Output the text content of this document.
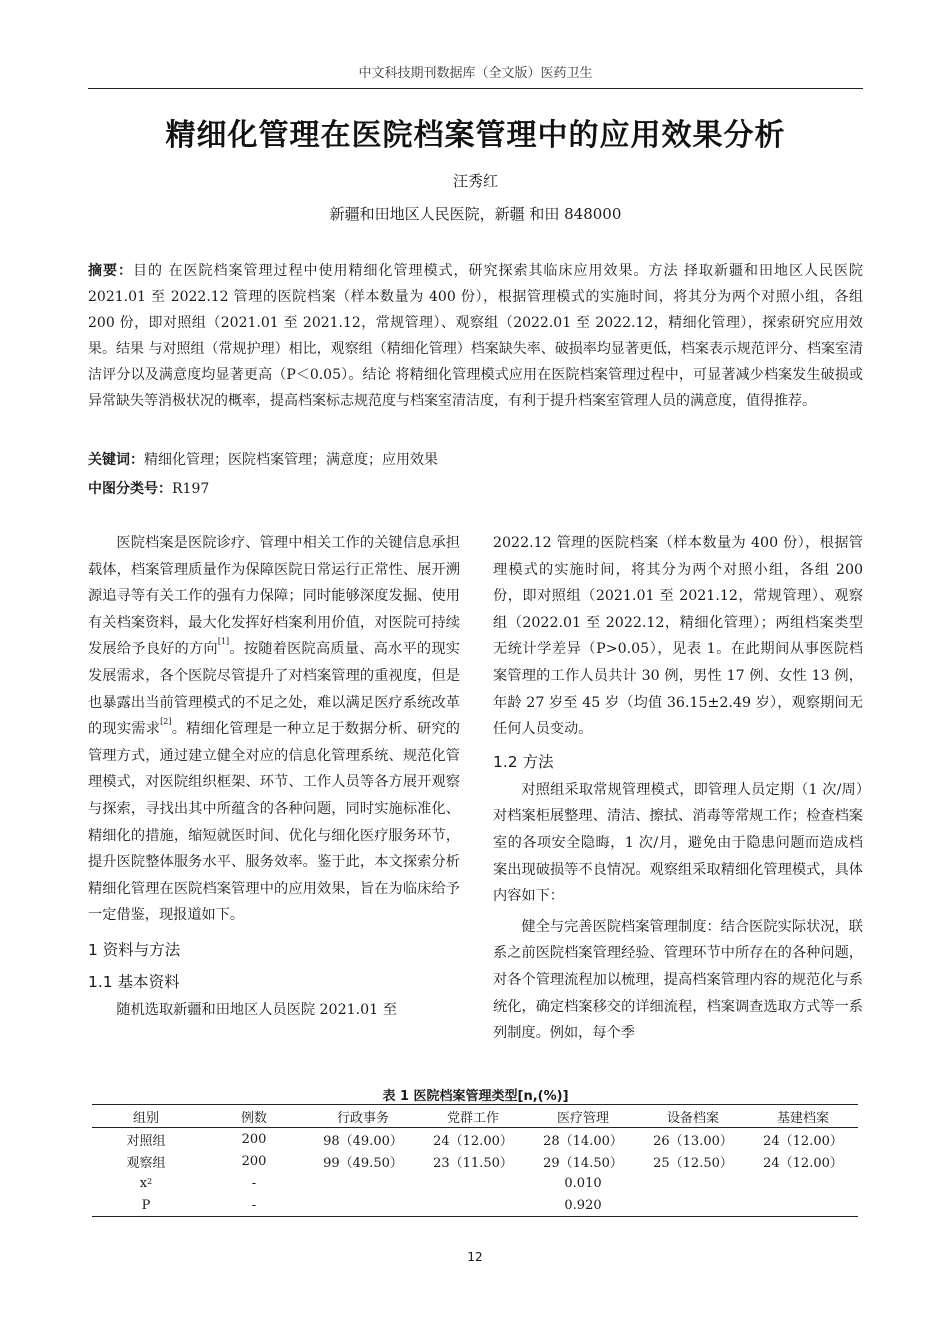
中文科技期刊数据库（全文版）医药卫生
精细化管理在医院档案管理中的应用效果分析
汪秀红
新疆和田地区人民医院，新疆 和田 848000
摘要：目的 在医院档案管理过程中使用精细化管理模式，研究探索其临床应用效果。方法 择取新疆和田地区人民医院 2021.01 至 2022.12 管理的医院档案（样本数量为 400 份），根据管理模式的实施时间，将其分为两个对照小组，各组 200 份，即对照组（2021.01 至 2021.12，常规管理）、观察组（2022.01 至 2022.12，精细化管理），探索研究应用效果。结果 与对照组（常规护理）相比，观察组（精细化管理）档案缺失率、破损率均显著更低，档案表示规范评分、档案室清洁评分以及满意度均显著更高（P＜0.05）。结论 将精细化管理模式应用在医院档案管理过程中，可显著减少档案发生破损或异常缺失等消极状况的概率，提高档案标志规范度与档案室清洁度，有利于提升档案室管理人员的满意度，值得推荐。
关键词：精细化管理；医院档案管理；满意度；应用效果
中图分类号：R197

医院档案是医院诊疗、管理中相关工作的关键信息承担载体，档案管理质量作为保障医院日常运行正常性、展开溯源追寻等有关工作的强有力保障；同时能够深度发掘、使用有关档案资料，最大化发挥好档案利用价值，对医院可持续发展给予良好的方向[1]。按随着医院高质量、高水平的现实发展需求，各个医院尽管提升了对档案管理的重视度，但是也暴露出当前管理模式的不足之处，难以满足医疗系统改革的现实需求[2]。精细化管理是一种立足于数据分析、研究的管理方式，通过建立健全对应的信息化管理系统、规范化管理模式，对医院组织框架、环节、工作人员等各方展开观察与探索，寻找出其中所蕴含的各种问题，同时实施标准化、精细化的措施，缩短就医时间、优化与细化医疗服务环节，提升医院整体服务水平、服务效率。鉴于此，本文探索分析精细化管理在医院档案管理中的应用效果，旨在为临床给予一定借鉴，现报道如下。

1 资料与方法
1.1 基本资料

随机选取新疆和田地区人员医院 2021.01 至

2022.12 管理的医院档案（样本数量为 400 份），根据管理模式的实施时间，将其分为两个对照小组，各组 200 份，即对照组（2021.01 至 2021.12，常规管理）、观察组（2022.01 至 2022.12，精细化管理）；两组档案类型无统计学差异（P>0.05），见表 1。在此期间从事医院档案管理的工作人员共计 30 例，男性 17 例、女性 13 例，年龄 27 岁至 45 岁（均值 36.15±2.49 岁），观察期间无任何人员变动。

1.2 方法

对照组采取常规管理模式，即管理人员定期（1 次/周）对档案柜展整理、清洁、擦拭、消毒等常规工作；检查档案室的各项安全隐晦，1 次/月，避免由于隐患问题而造成档案出现破损等不良情况。观察组采取精细化管理模式，具体内容如下：

健全与完善医院档案管理制度：结合医院实际状况，联系之前医院档案管理经验、管理环节中所存在的各种问题，对各个管理流程加以梳理，提高档案管理内容的规范化与系统化，确定档案移交的详细流程，档案调查选取方式等一系列制度。例如，每个季

表 1 医院档案管理类型[n,(%)]
组别	例数	行政事务	党群工作	医疗管理	设备档案	基建档案
对照组	200	98（49.00）	24（12.00）	28（14.00）	26（13.00）	24（12.00）
观察组	200	99（49.50）	23（11.50）	29（14.50）	25（12.50）	24（12.00）
$x^2$	-			0.010		
P	-			0.920		
12
